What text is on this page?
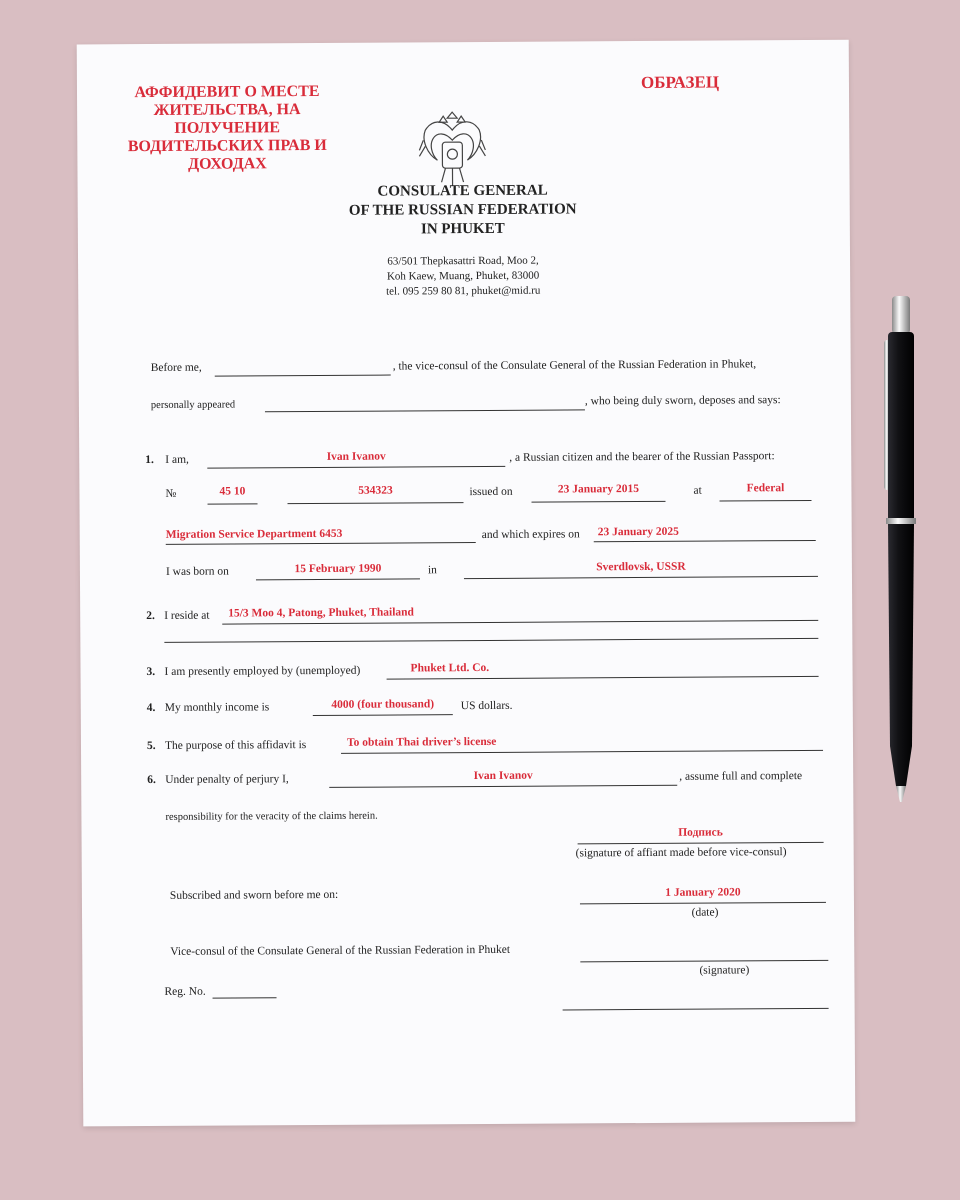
АФФИДЕВИТ О МЕСТЕ
ЖИТЕЛЬСТВА, НА
ПОЛУЧЕНИЕ
ВОДИТЕЛЬСКИХ ПРАВ И
ДОХОДАХ
ОБРАЗЕЦ
CONSULATE GENERAL
OF THE RUSSIAN FEDERATION
IN PHUKET
63/501 Thepkasattri Road, Moo 2,
Koh Kaew, Muang, Phuket, 83000
tel. 095 259 80 81, phuket@mid.ru
Before me,	, the vice-consul of the Consulate General of the Russian Federation in Phuket,
personally appeared	, who being duly sworn, deposes and says:
1. I am,	Ivan Ivanov	, a Russian citizen and the bearer of the Russian Passport:
№	45 10	534323	issued on	23 January 2015	at	Federal
Migration Service Department 6453	and which expires on 23 January 2025
I was born on	15 February 1990	in	Sverdlovsk, USSR
2. I reside at 15/3 Moo 4, Patong, Phuket, Thailand
3. I am presently employed by (unemployed)	Phuket Ltd. Co.
4. My monthly income is	4000 (four thousand)	US dollars.
5. The purpose of this affidavit is	To obtain Thai driver’s license
6. Under penalty of perjury I,	Ivan Ivanov	, assume full and complete
responsibility for the veracity of the claims herein.
Подпись
(signature of affiant made before vice-consul)
Subscribed and sworn before me on:	1 January 2020
(date)
Vice-consul of the Consulate General of the Russian Federation in Phuket
(signature)
Reg. No.
